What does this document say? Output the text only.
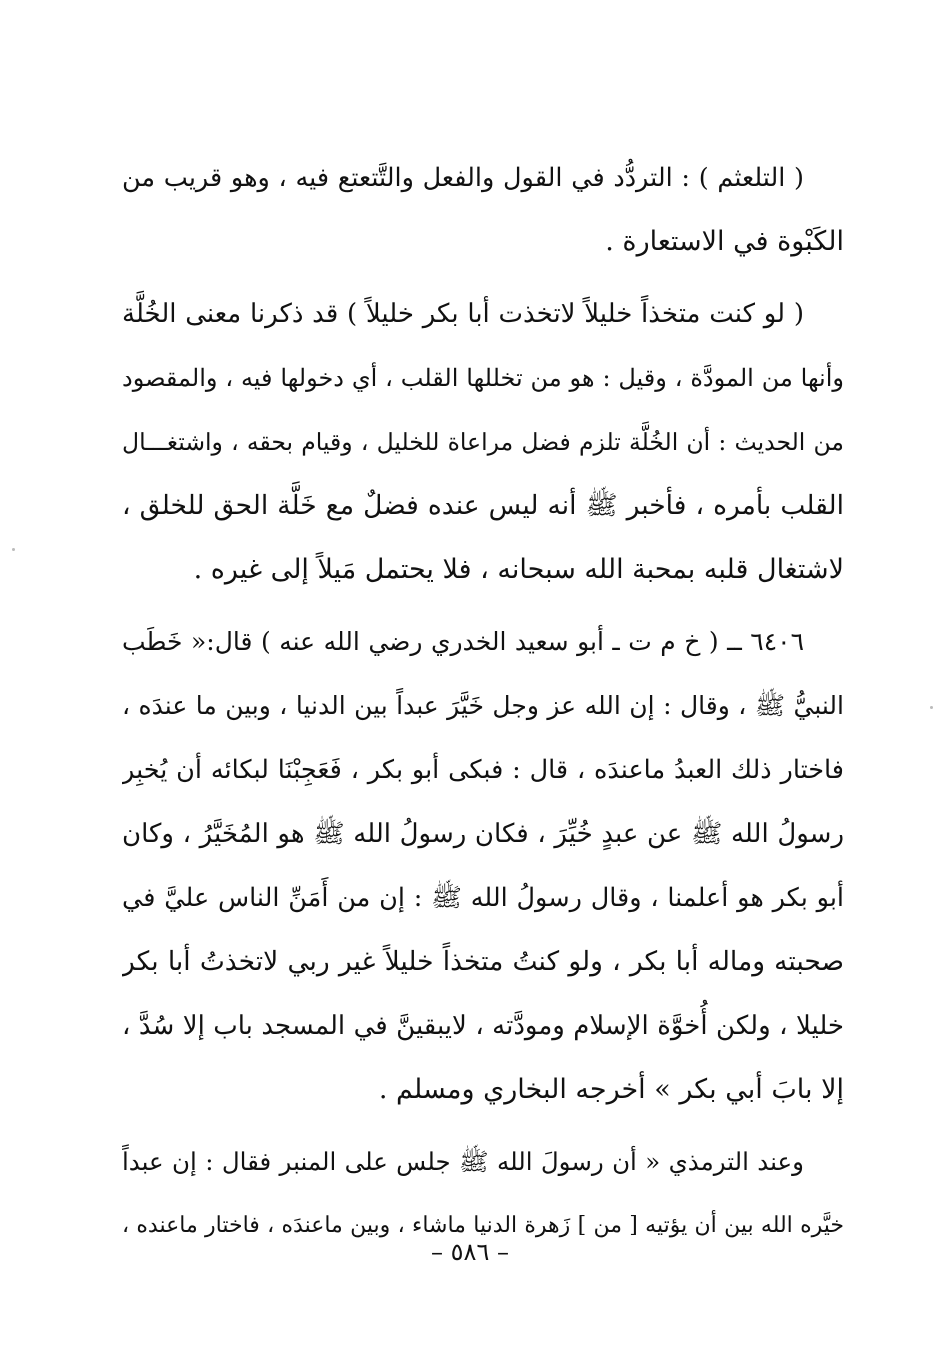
( التلعثم ) : التردُّد في القول والفعل والتَّتعتع فيه ، وهو قريب من
الكَبْوة في الاستعارة .
( لو كنت متخذاً خليلاً لاتخذت أبا بكر خليلاً ) قد ذكرنا معنى الخُلَّة
وأنها من المودَّة ، وقيل : هو من تخللها القلب ، أي دخولها فيه ، والمقصود
من الحديث : أن الخُلَّة تلزم فضل مراعاة للخليل ، وقيام بحقه ، واشتغـــال
القلب بأمره ، فأخبر ﷺ أنه ليس عنده فضلٌ مع خَلَّة الحق للخلق ،
لاشتغال قلبه بمحبة الله سبحانه ، فلا يحتمل مَيلاً إلى غيره .
٦٤٠٦ ــ ( خ م ت ـ أبو سعيد الخدري رضي الله عنه ) قال:« خَطَب
النبيُّ ﷺ ، وقال : إن الله عز وجل خَيَّرَ عبداً بين الدنيا ، وبين ما عندَه ،
فاختار ذلك العبدُ ماعندَه ، قال : فبكى أبو بكر ، فَعَجِبْنَا لبكائه أن يُخبِر
رسولُ الله ﷺ عن عبدٍ خُيِّرَ ، فكان رسولُ الله ﷺ هو المُخَيَّرُ ، وكان
أبو بكر هو أعلمنا ، وقال رسولُ الله ﷺ : إن من أَمَنِّ الناس عليَّ في
صحبته وماله أبا بكر ، ولو كنتُ متخذاً خليلاً غير ربي لاتخذتُ أبا بكر
خليلا ، ولكن أُخوَّة الإسلام ومودَّته ، لايبقينَّ في المسجد باب إلا سُدَّ ،
إلا بابَ أبي بكر » أخرجه البخاري ومسلم .
وعند الترمذي « أن رسولَ الله ﷺ جلس على المنبر فقال : إن عبداً
خيَّره الله بين أن يؤتيه [ من ] زَهرة الدنيا ماشاء ، وبين ماعندَه ، فاختار ماعنده ،
– ٥٨٦ –
